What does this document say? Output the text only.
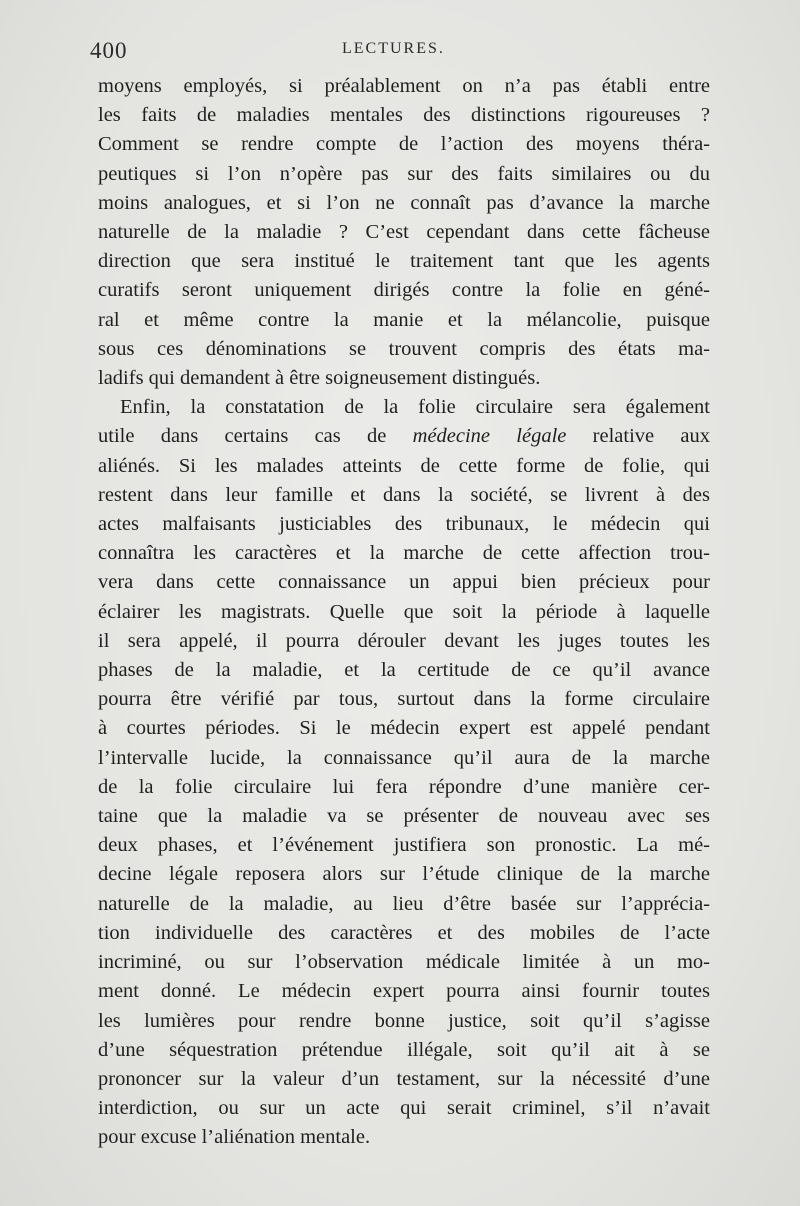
400	LECTURES.

moyens employés, si préalablement on n’a pas établi entre
les faits de maladies mentales des distinctions rigoureuses ?
Comment se rendre compte de l’action des moyens théra-
peutiques si l’on n’opère pas sur des faits similaires ou du
moins analogues, et si l’on ne connaît pas d’avance la marche
naturelle de la maladie ? C’est cependant dans cette fâcheuse
direction que sera institué le traitement tant que les agents
curatifs seront uniquement dirigés contre la folie en géné-
ral et même contre la manie et la mélancolie, puisque
sous ces dénominations se trouvent compris des états ma-
ladifs qui demandent à être soigneusement distingués.

Enfin, la constatation de la folie circulaire sera également
utile dans certains cas de médecine légale relative aux
aliénés. Si les malades atteints de cette forme de folie, qui
restent dans leur famille et dans la société, se livrent à des
actes malfaisants justiciables des tribunaux, le médecin qui
connaîtra les caractères et la marche de cette affection trou-
vera dans cette connaissance un appui bien précieux pour
éclairer les magistrats. Quelle que soit la période à laquelle
il sera appelé, il pourra dérouler devant les juges toutes les
phases de la maladie, et la certitude de ce qu’il avance
pourra être vérifié par tous, surtout dans la forme circulaire
à courtes périodes. Si le médecin expert est appelé pendant
l’intervalle lucide, la connaissance qu’il aura de la marche
de la folie circulaire lui fera répondre d’une manière cer-
taine que la maladie va se présenter de nouveau avec ses
deux phases, et l’événement justifiera son pronostic. La mé-
decine légale reposera alors sur l’étude clinique de la marche
naturelle de la maladie, au lieu d’être basée sur l’apprécia-
tion individuelle des caractères et des mobiles de l’acte
incriminé, ou sur l’observation médicale limitée à un mo-
ment donné. Le médecin expert pourra ainsi fournir toutes
les lumières pour rendre bonne justice, soit qu’il s’agisse
d’une séquestration prétendue illégale, soit qu’il ait à se
prononcer sur la valeur d’un testament, sur la nécessité d’une
interdiction, ou sur un acte qui serait criminel, s’il n’avait
pour excuse l’aliénation mentale.
